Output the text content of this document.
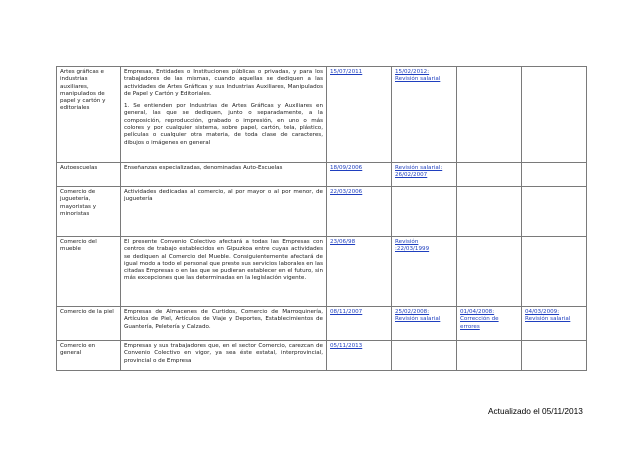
Artes gráficas e industrias auxiliares, manipulados de papel y cartón y editoriales	Empresas, Entidades o Instituciones públicas o privadas, y para los trabajadores de las mismas, cuando aquellas se dediquen a las actividades de Artes Gráficas y sus Industrias Auxiliares, Manipulados de Papel y Cartón y Editoriales.
1. Se entienden por Industrias de Artes Gráficas y Auxiliares en general, las que se dediquen, junto o separadamente, a la composición, reproducción, grabado o impresión, en uno o más colores y por cualquier sistema, sobre papel, cartón, tela, plástico, películas o cualquier otra materia, de toda clase de caracteres, dibujos o imágenes en general	15/07/2011	15/02/2012: Revisión salarial		
Autoescuelas	Enseñanzas especializadas, denominadas Auto-Escuelas	18/09/2006	Revisión salarial: 26/02/2007		
Comercio de juguetería, mayoristas y minoristas	Actividades dedicadas al comercio, al por mayor o al por menor, de juguetería	22/03/2006			
Comercio del mueble	El presente Convenio Colectivo afectará a todas las Empresas con centros de trabajo establecidos en Gipuzkoa entre cuyas actividades se dediquen al Comercio del Mueble. Consiguientemente afectará de igual modo a todo el personal que preste sus servicios laborales en las citadas Empresas o en las que se pudieran establecer en el futuro, sin más excepciones que las determinadas en la legislación vigente.	23/06/98	Revisión :22/03/1999		
Comercio de la piel	Empresas de Almacenes de Curtidos, Comercio de Marroquinería, Artículos de Piel, Artículos de Viaje y Deportes, Establecimientos de Guantería, Peletería y Calzado.	08/11/2007	25/02/2008: Revisión salarial	01/04/2008: Corrección de errores	04/03/2009: Revisión salarial
Comercio en general	Empresas y sus trabajadores que, en el sector Comercio, carezcan de Convenio Colectivo en vigor, ya sea éste estatal, interprovincial, provincial o de Empresa	05/11/2013			
Actualizado el 05/11/2013
